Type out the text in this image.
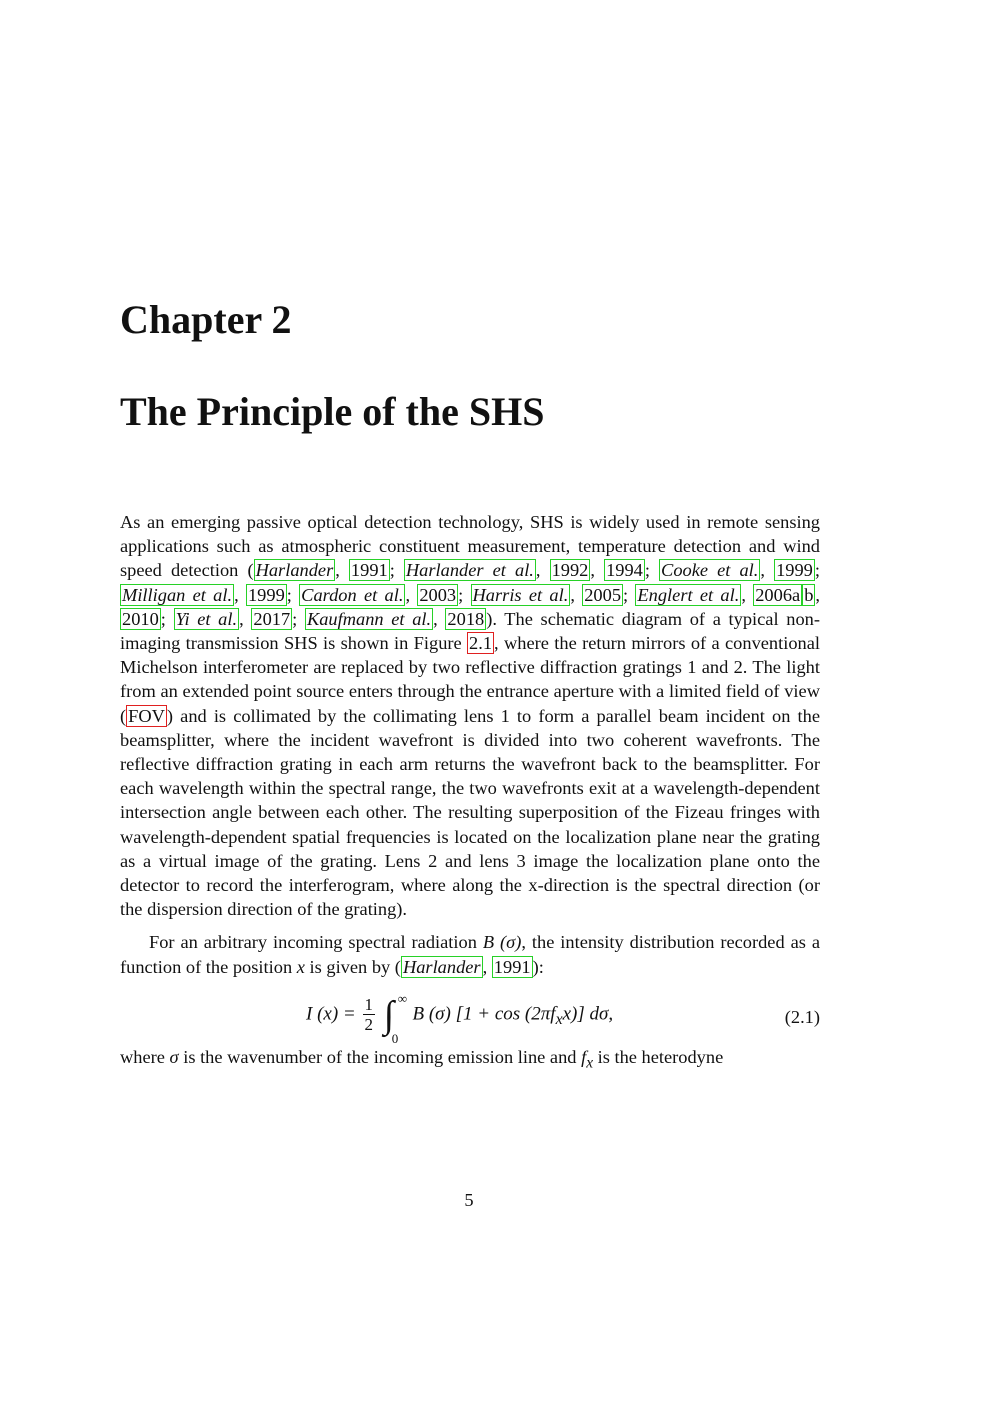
Chapter 2
The Principle of the SHS

As an emerging passive optical detection technology, SHS is widely used in remote sensing applications such as atmospheric constituent measurement, temperature detection and wind speed detection ( Harlander , 1991 ; Harlander et al. , 1992 , 1994 ; Cooke et al. , 1999 ; Milligan et al. , 1999 ; Cardon et al. , 2003 ; Harris et al. , 2005 ; Englert et al. , 2006a b , 2010 ; Yi et al. , 2017 ; Kaufmann et al. , 2018 ). The schematic diagram of a typical non-imaging transmission SHS is shown in Figure 2.1 , where the return mirrors of a conventional Michelson interferometer are replaced by two reflective diffraction gratings 1 and 2. The light from an extended point source enters through the entrance aperture with a limited field of view ( FOV ) and is collimated by the collimating lens 1 to form a parallel beam incident on the beamsplitter, where the incident wavefront is divided into two coherent wavefronts. The reflective diffraction grating in each arm returns the wavefront back to the beamsplitter. For each wavelength within the spectral range, the two wavefronts exit at a wavelength-dependent intersection angle between each other. The resulting superposition of the Fizeau fringes with wavelength-dependent spatial frequencies is located on the localization plane near the grating as a virtual image of the grating. Lens 2 and lens 3 image the localization plane onto the detector to record the interferogram, where along the x-direction is the spectral direction (or the dispersion direction of the grating).

For an arbitrary incoming spectral radiation B (σ), the intensity distribution recorded as a function of the position x is given by ( Harlander , 1991 ):

I $(x) = \frac{1}{2}$
∫ ∞
0
B (σ) $[1 + \cos (2\pi f_xx)]$ dσ,	(2.1)

where σ is the wavenumber of the incoming emission line and $f_x$ is the heterodyne

5
